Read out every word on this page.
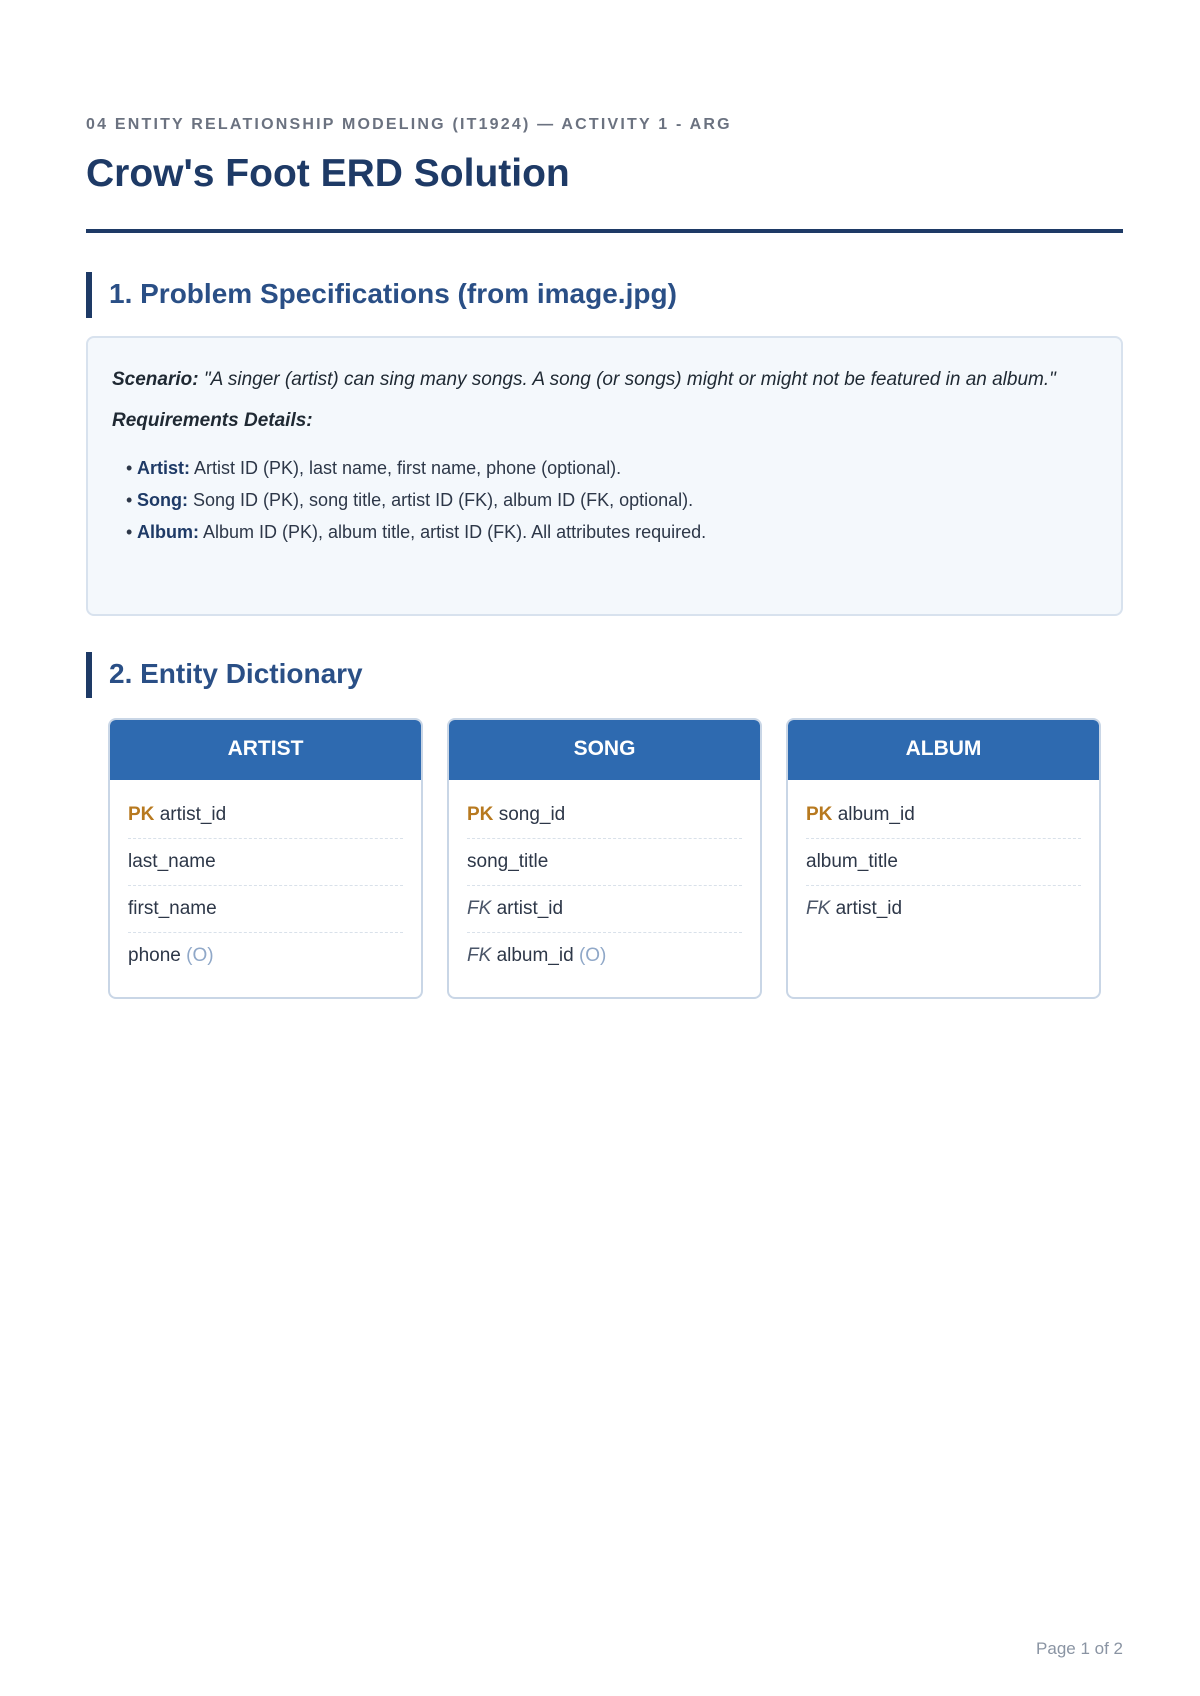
04 ENTITY RELATIONSHIP MODELING (IT1924) — ACTIVITY 1 - ARG
Crow's Foot ERD Solution
1. Problem Specifications (from image.jpg)

Scenario: "A singer (artist) can sing many songs. A song (or songs) might or might not be featured in an album."

Requirements Details:

• Artist: Artist ID (PK), last name, first name, phone (optional).
• Song: Song ID (PK), song title, artist ID (FK), album ID (FK, optional).
• Album: Album ID (PK), album title, artist ID (FK). All attributes required.
2. Entity Dictionary
ARTIST
PK artist_id
last_name
first_name
phone (O)
SONG
PK song_id
song_title
FK artist_id
FK album_id (O)
ALBUM
PK album_id
album_title
FK artist_id
Page 1 of 2
